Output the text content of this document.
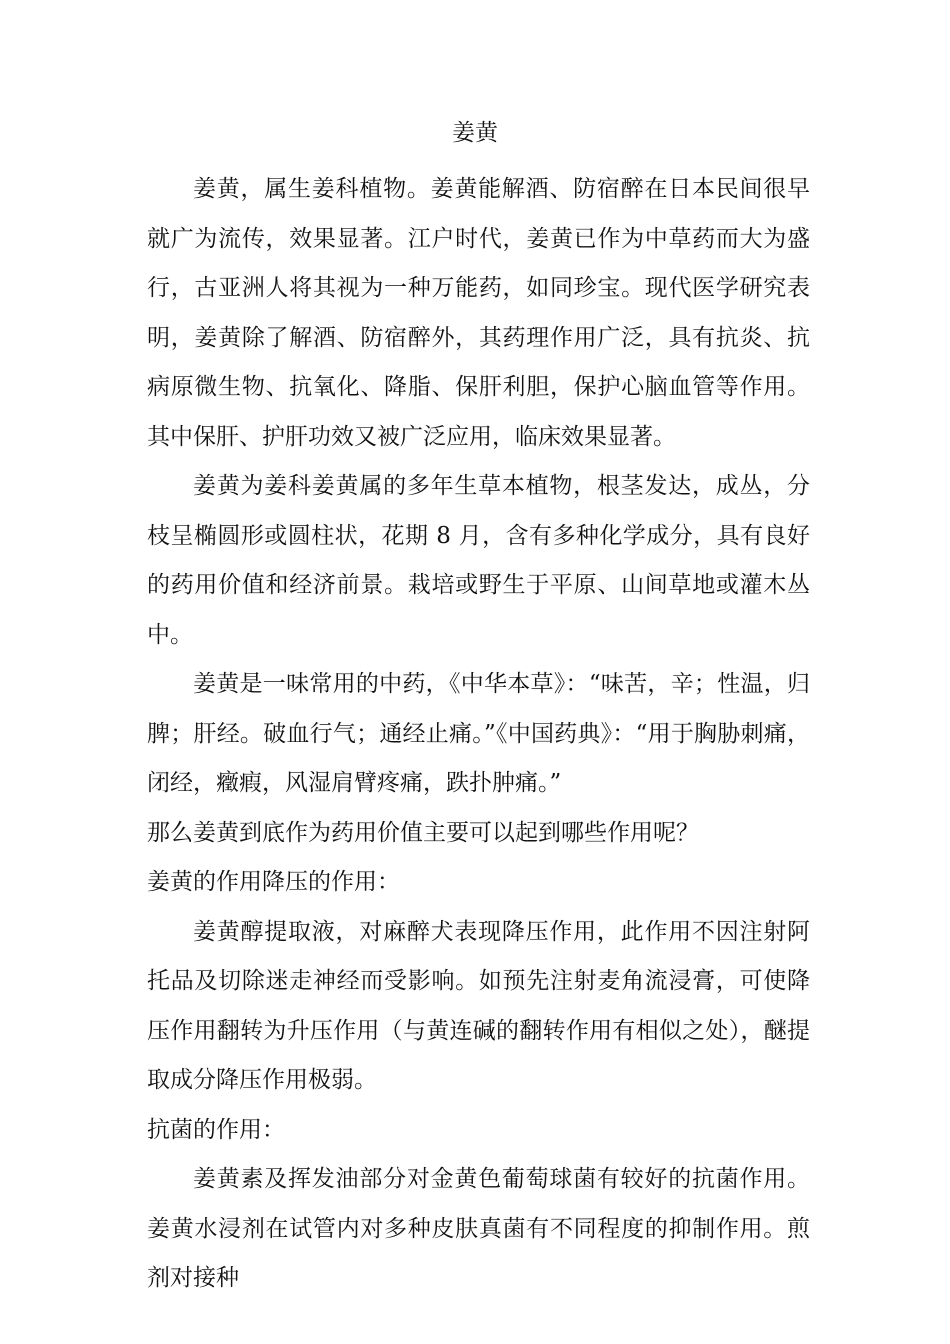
姜黄

姜黄，属生姜科植物。姜黄能解酒、防宿醉在日本民间很早就广为流传，效果显著。江户时代，姜黄已作为中草药而大为盛行，古亚洲人将其视为一种万能药，如同珍宝。现代医学研究表明，姜黄除了解酒、防宿醉外，其药理作用广泛，具有抗炎、抗病原微生物、抗氧化、降脂、保肝利胆，保护心脑血管等作用。其中保肝、护肝功效又被广泛应用，临床效果显著。

姜黄为姜科姜黄属的多年生草本植物，根茎发达，成丛，分枝呈椭圆形或圆柱状，花期 8 月，含有多种化学成分，具有良好的药用价值和经济前景。栽培或野生于平原、山间草地或灌木丛中。

姜黄是一味常用的中药，《中华本草》：“味苦，辛；性温，归脾；肝经。破血行气；通经止痛。”《中国药典》：“用于胸胁刺痛，闭经，癥瘕，风湿肩臂疼痛，跌扑肿痛。”

那么姜黄到底作为药用价值主要可以起到哪些作用呢？

姜黄的作用降压的作用：

姜黄醇提取液，对麻醉犬表现降压作用，此作用不因注射阿托品及切除迷走神经而受影响。如预先注射麦角流浸膏，可使降压作用翻转为升压作用（与黄连碱的翻转作用有相似之处），醚提取成分降压作用极弱。

抗菌的作用：

姜黄素及挥发油部分对金黄色葡萄球菌有较好的抗菌作用。姜黄水浸剂在试管内对多种皮肤真菌有不同程度的抑制作用。煎剂对接种
